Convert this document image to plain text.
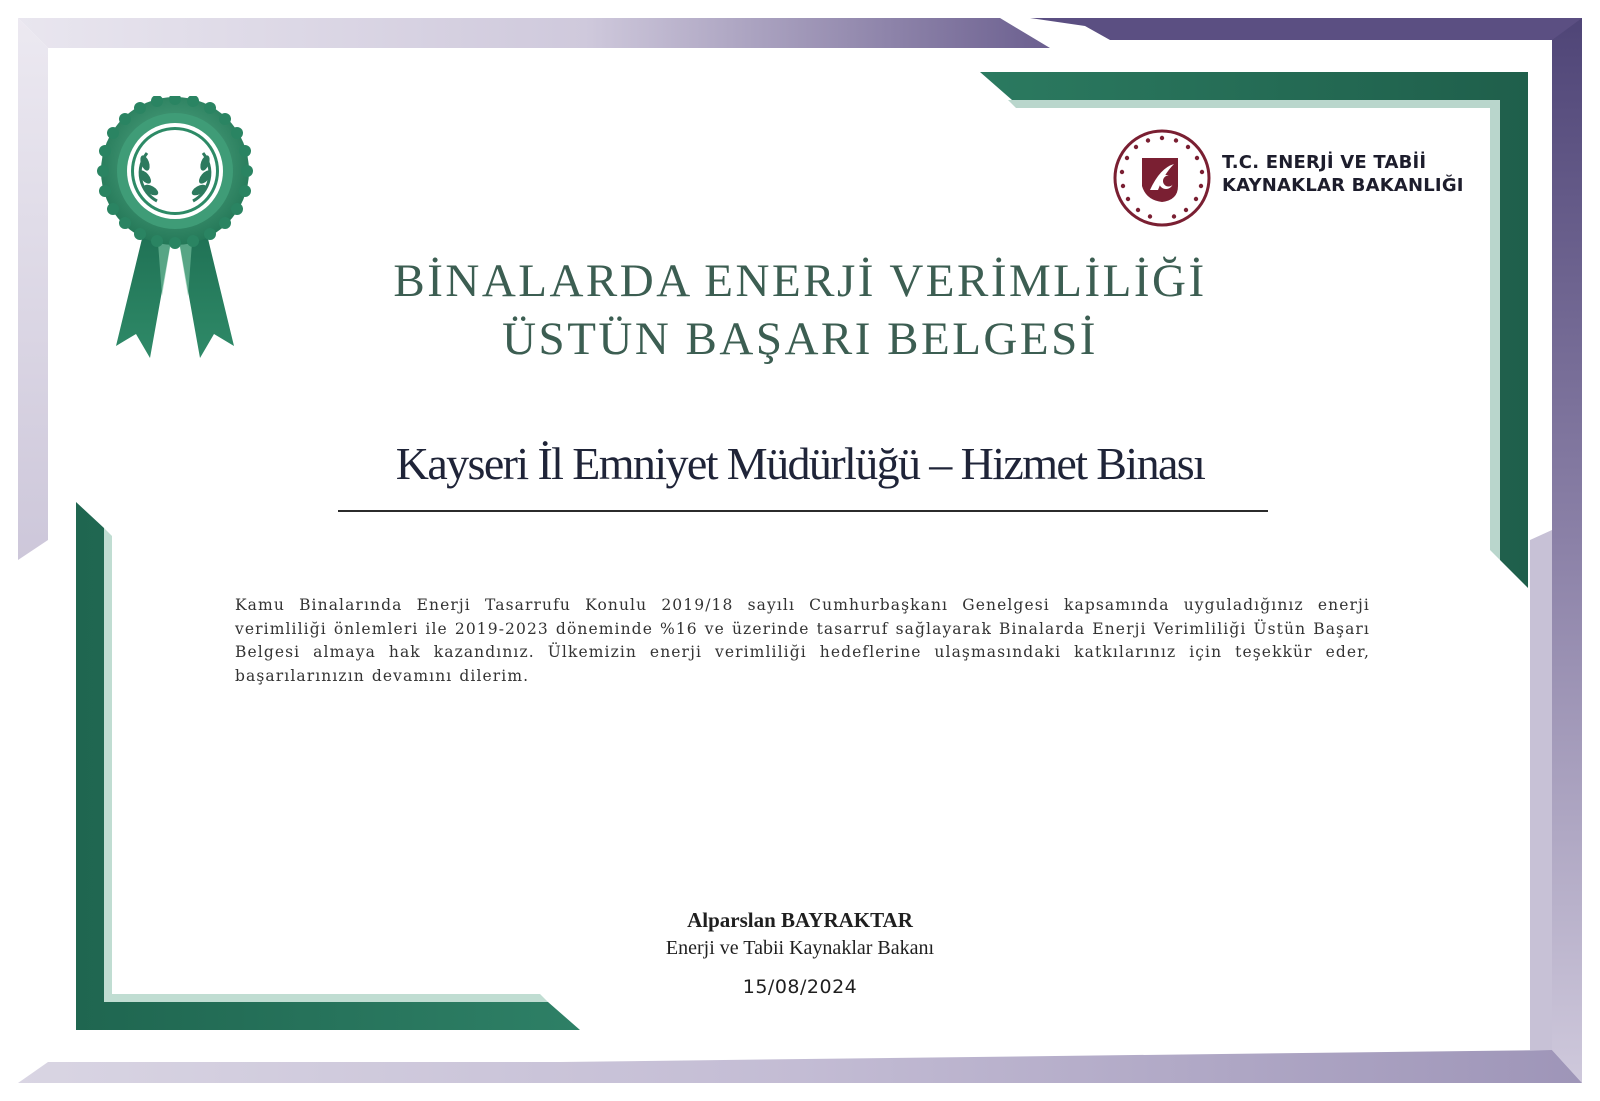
T.C. ENERJİ VE TABİİ
KAYNAKLAR BAKANLIĞI
BİNALARDA ENERJİ VERİMLİLİĞİ
ÜSTÜN BAŞARI BELGESİ
Kayseri İl Emniyet Müdürlüğü – Hizmet Binası
Kamu Binalarında Enerji Tasarrufu Konulu 2019/18 sayılı Cumhurbaşkanı Genelgesi kapsamında uyguladığınız enerji verimliliği önlemleri ile 2019-2023 döneminde %16 ve üzerinde tasarruf sağlayarak Binalarda Enerji Verimliliği Üstün Başarı Belgesi almaya hak kazandınız. Ülkemizin enerji verimliliği hedeflerine ulaşmasındaki katkılarınız için teşekkür eder, başarılarınızın devamını dilerim.
Alparslan BAYRAKTAR
Enerji ve Tabii Kaynaklar Bakanı
15/08/2024
